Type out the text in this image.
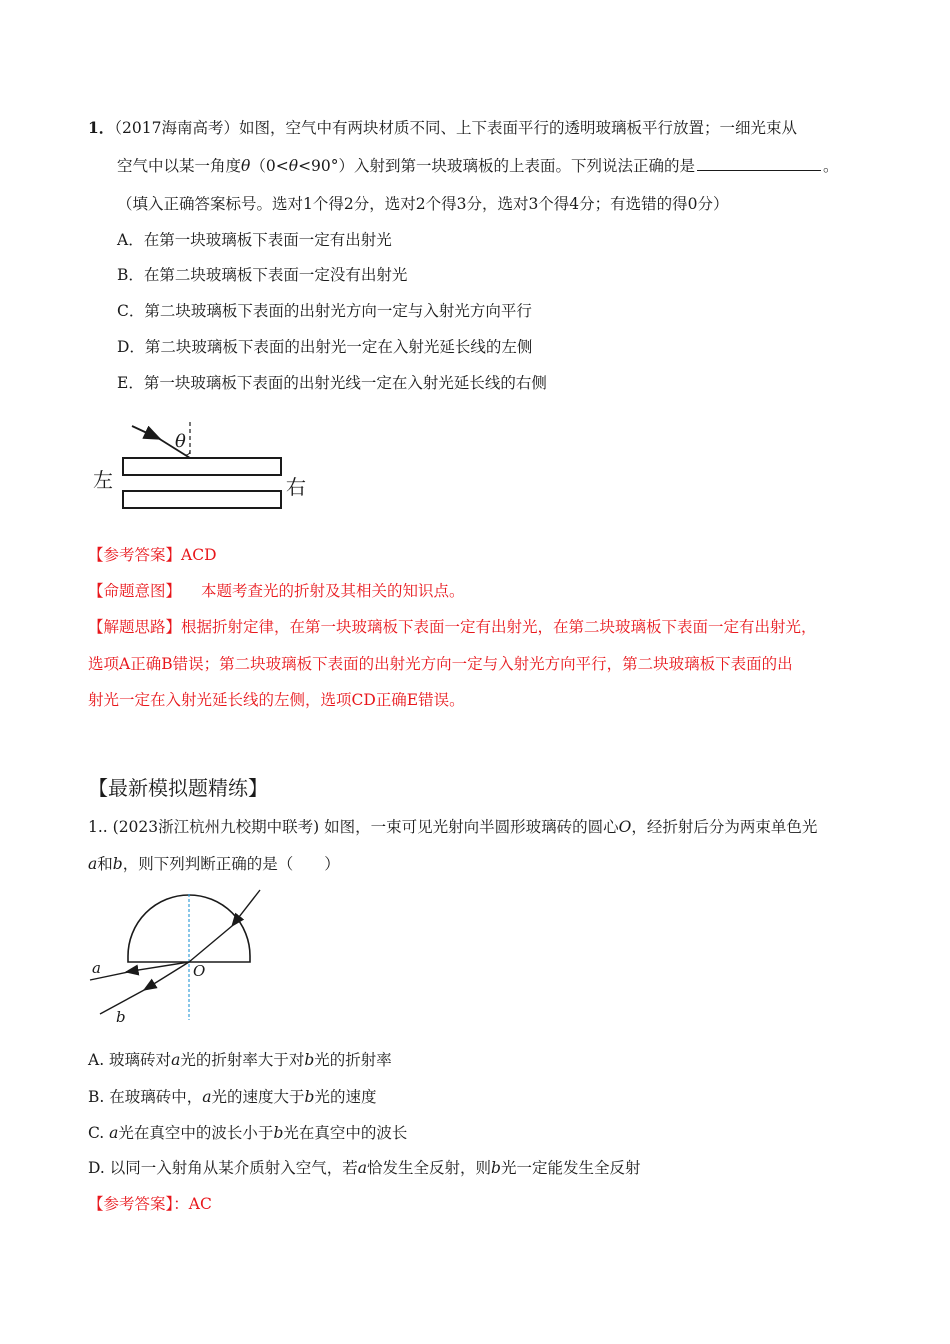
1．（2017海南高考）如图，空气中有两块材质不同、上下表面平行的透明玻璃板平行放置；一细光束从
空气中以某一角度θ（0<θ<90°）入射到第一块玻璃板的上表面。下列说法正确的是	。
（填入正确答案标号。选对1个得2分，选对2个得3分，选对3个得4分；有选错的得0分）
A．在第一块玻璃板下表面一定有出射光
B．在第二块玻璃板下表面一定没有出射光
C．第二块玻璃板下表面的出射光方向一定与入射光方向平行
D．第二块玻璃板下表面的出射光一定在入射光延长线的左侧
E．第一块玻璃板下表面的出射光线一定在入射光延长线的右侧
θ
左	右
【参考答案】ACD
【命题意图】 本题考查光的折射及其相关的知识点。
【解题思路】根据折射定律，在第一块玻璃板下表面一定有出射光，在第二块玻璃板下表面一定有出射光，
选项A正确B错误；第二块玻璃板下表面的出射光方向一定与入射光方向平行，第二块玻璃板下表面的出
射光一定在入射光延长线的左侧，选项CD正确E错误。
【最新模拟题精练】
1.. (2023浙江杭州九校期中联考) 如图，一束可见光射向半圆形玻璃砖的圆心O，经折射后分为两束单色光
a和b，则下列判断正确的是（　　）
a
b
O
A. 玻璃砖对a光的折射率大于对b光的折射率
B. 在玻璃砖中，a光的速度大于b光的速度
C. a光在真空中的波长小于b光在真空中的波长
D. 以同一入射角从某介质射入空气，若a恰发生全反射，则b光一定能发生全反射
【参考答案】：AC
